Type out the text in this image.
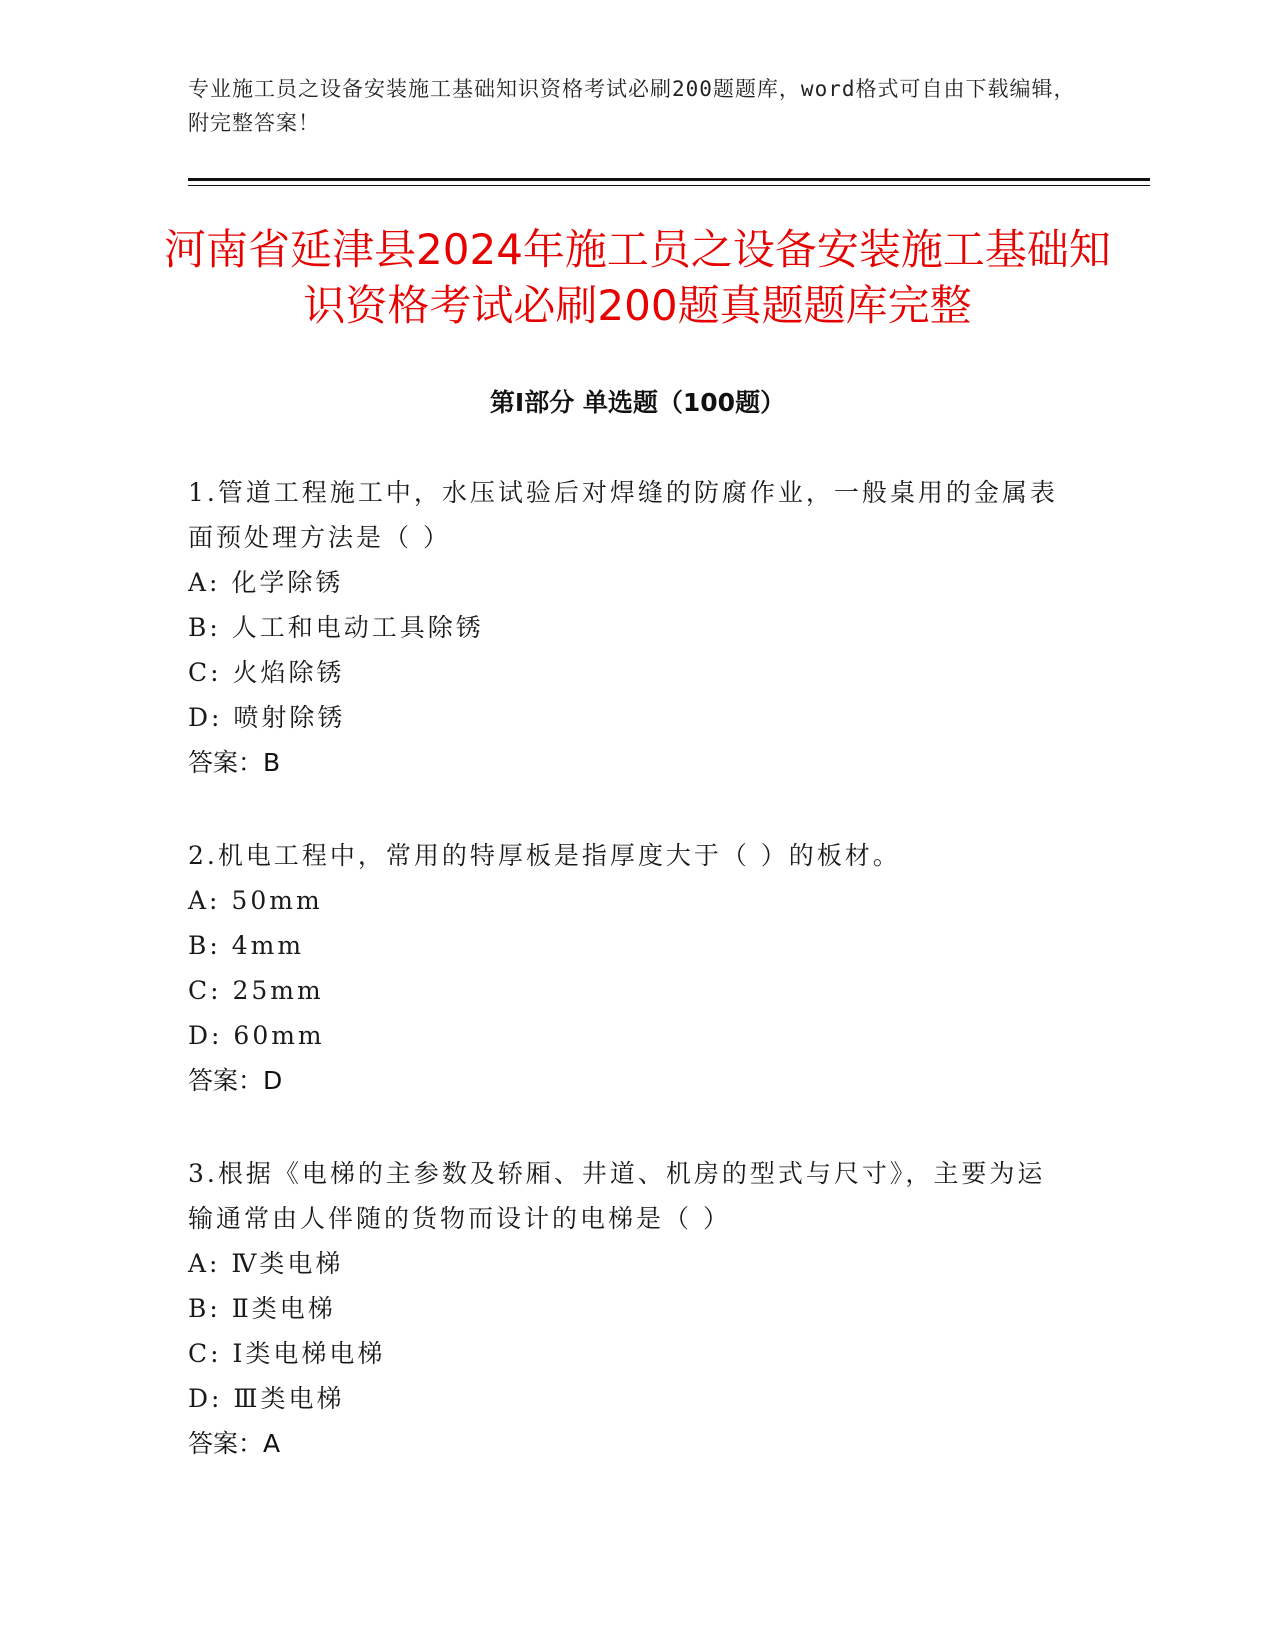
专业施工员之设备安装施工基础知识资格考试必刷200题题库，word格式可自由下载编辑，附完整答案！
河南省延津县2024年施工员之设备安装施工基础知识资格考试必刷200题真题题库完整
第Ⅰ部分 单选题（100题）
1.管道工程施工中，水压试验后对焊缝的防腐作业，一般桌用的金属表面预处理方法是（ ）
A: 化学除锈
B: 人工和电动工具除锈
C: 火焰除锈
D: 喷射除锈
答案：B
2.机电工程中，常用的特厚板是指厚度大于（ ）的板材。
A: 50mm
B: 4mm
C: 25mm
D: 60mm
答案：D
3.根据《电梯的主参数及轿厢、井道、机房的型式与尺寸》，主要为运输通常由人伴随的货物而设计的电梯是（ ）
A: Ⅳ类电梯
B: Ⅱ类电梯
C: Ⅰ类电梯电梯
D: Ⅲ类电梯
答案：A
